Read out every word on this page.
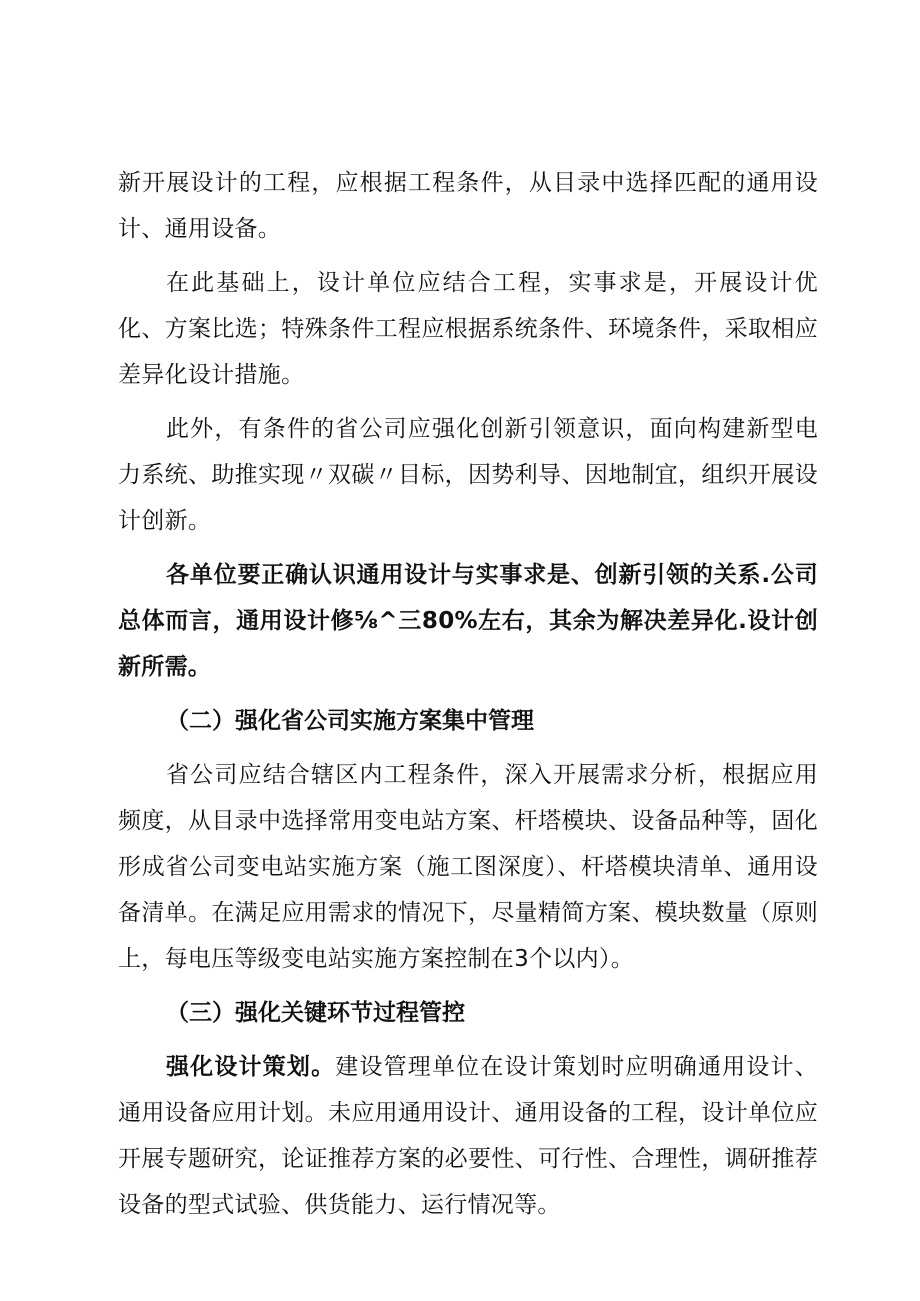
新开展设计的工程，应根据工程条件，从目录中选择匹配的通用设计、通用设备。

在此基础上，设计单位应结合工程，实事求是，开展设计优化、方案比选；特殊条件工程应根据系统条件、环境条件，采取相应差异化设计措施。

此外，有条件的省公司应强化创新引领意识，面向构建新型电力系统、助推实现〃双碳〃目标，因势利导、因地制宜，组织开展设计创新。

各单位要正确认识通用设计与实事求是、创新引领的关系.公司总体而言，通用设计修⅝^三80%左右，其余为解决差异化.设计创新所需。

（二）强化省公司实施方案集中管理

省公司应结合辖区内工程条件，深入开展需求分析，根据应用频度，从目录中选择常用变电站方案、杆塔模块、设备品种等，固化形成省公司变电站实施方案（施工图深度）、杆塔模块清单、通用设备清单。在满足应用需求的情况下，尽量精简方案、模块数量（原则上，每电压等级变电站实施方案控制在3个以内）。

（三）强化关键环节过程管控

强化设计策划。建设管理单位在设计策划时应明确通用设计、通用设备应用计划。未应用通用设计、通用设备的工程，设计单位应开展专题研究，论证推荐方案的必要性、可行性、合理性，调研推荐设备的型式试验、供货能力、运行情况等。
